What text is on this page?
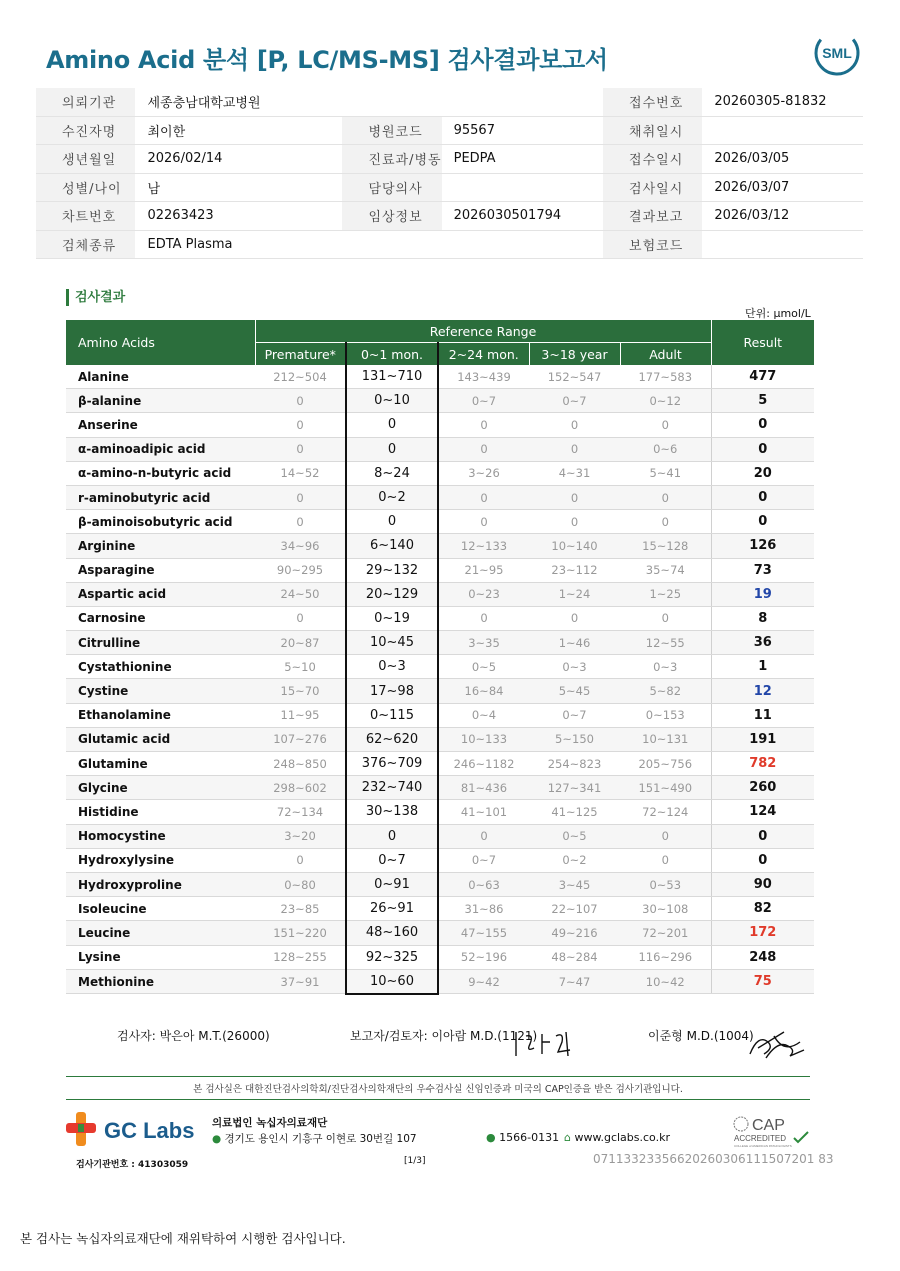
Amino Acid 분석 [P, LC/MS-MS] 검사결과보고서	SML
의뢰기관	세종충남대학교병원			접수번호	20260305-81832
수진자명	최이한	병원코드	95567	채취일시	
생년월일	2026/02/14	진료과/병동	PEDPA	접수일시	2026/03/05
성별/나이	남	담당의사		검사일시	2026/03/07
차트번호	02263423	임상정보	2026030501794	결과보고	2026/03/12
검체종류	EDTA Plasma			보험코드	
검사결과
단위: µmol/L
Amino Acids	Reference Range					Result
	Premature*	0~1 mon.	2~24 mon.	3~18 year	Adult	
Alanine	212~504	131~710	143~439	152~547	177~583	477
β-alanine	0	0~10	0~7	0~7	0~12	5
Anserine	0	0	0	0	0	0
α-aminoadipic acid	0	0	0	0	0~6	0
α-amino-n-butyric acid	14~52	8~24	3~26	4~31	5~41	20
r-aminobutyric acid	0	0~2	0	0	0	0
β-aminoisobutyric acid	0	0	0	0	0	0
Arginine	34~96	6~140	12~133	10~140	15~128	126
Asparagine	90~295	29~132	21~95	23~112	35~74	73
Aspartic acid	24~50	20~129	0~23	1~24	1~25	19
Carnosine	0	0~19	0	0	0	8
Citrulline	20~87	10~45	3~35	1~46	12~55	36
Cystathionine	5~10	0~3	0~5	0~3	0~3	1
Cystine	15~70	17~98	16~84	5~45	5~82	12
Ethanolamine	11~95	0~115	0~4	0~7	0~153	11
Glutamic acid	107~276	62~620	10~133	5~150	10~131	191
Glutamine	248~850	376~709	246~1182	254~823	205~756	782
Glycine	298~602	232~740	81~436	127~341	151~490	260
Histidine	72~134	30~138	41~101	41~125	72~124	124
Homocystine	3~20	0	0	0~5	0	0
Hydroxylysine	0	0~7	0~7	0~2	0	0
Hydroxyproline	0~80	0~91	0~63	3~45	0~53	90
Isoleucine	23~85	26~91	31~86	22~107	30~108	82
Leucine	151~220	48~160	47~155	49~216	72~201	172
Lysine	128~255	92~325	52~196	48~284	116~296	248
Methionine	37~91	10~60	9~42	7~47	10~42	75
검사자: 박은아 M.T.(26000)	보고자/검토자: 이아람 M.D.(1121)	이준형 M.D.(1004)
본 검사실은 대한진단검사의학회/진단검사의학재단의 우수검사실 신임인증과 미국의 CAP인증을 받은 검사기관입니다.
GC Labs 의료법인 녹십자의료재단
● 경기도 용인시 기흥구 이현로 30번길 107	● 1566-0131 ⌂ www.gclabs.co.kr
CAP
ACCREDITED
COLLEGE of AMERICAN PATHOLOGISTS
검사기관번호 : 41303059	[1/3]	07113323356620260306111507201 83
본 검사는 녹십자의료재단에 재위탁하여 시행한 검사입니다.
